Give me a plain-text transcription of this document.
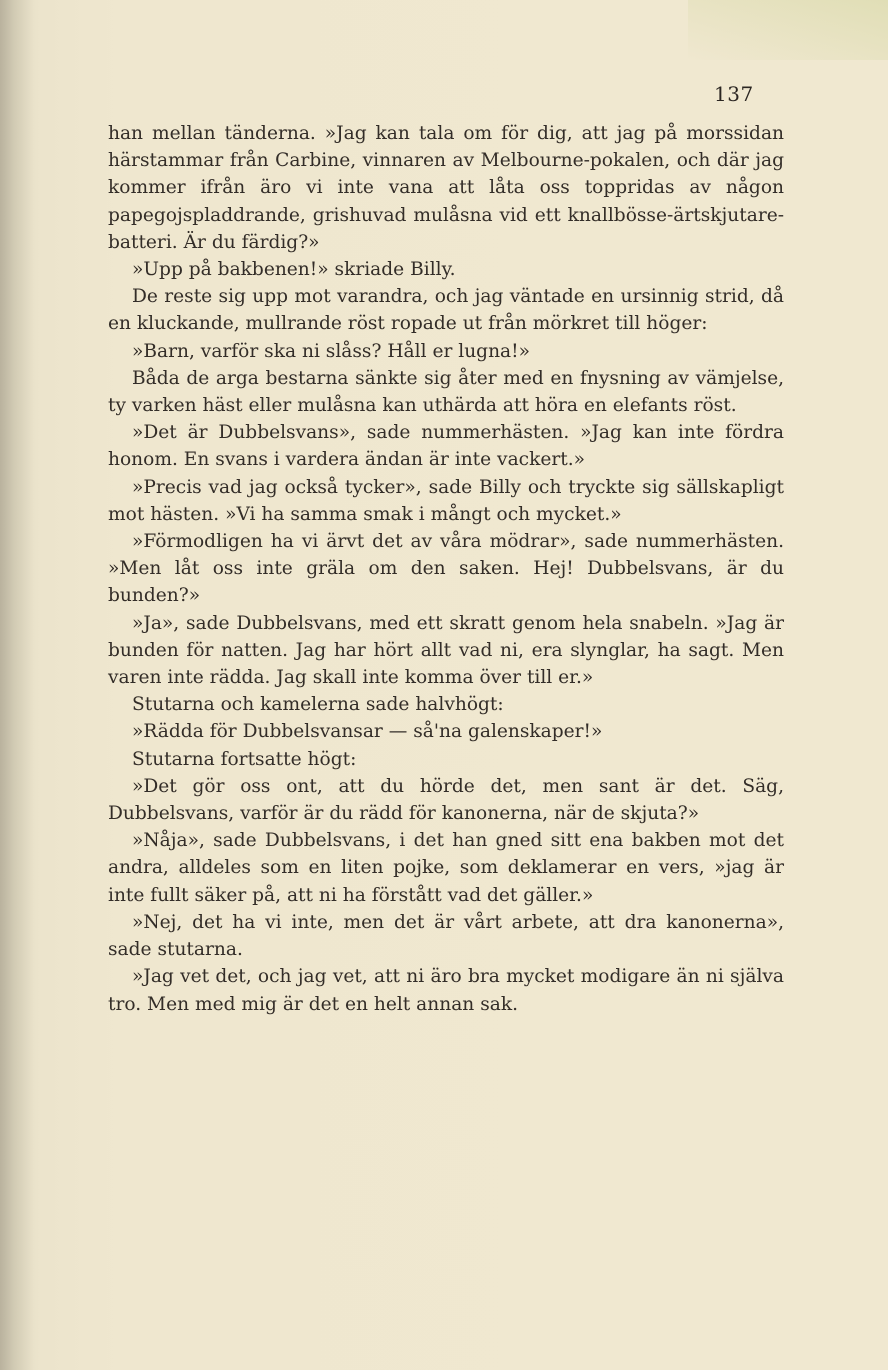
137

han mellan tänderna. »Jag kan tala om för dig, att jag på morssidan härstammar från Carbine, vinnaren av Melbourne-pokalen, och där jag kommer ifrån äro vi inte vana att låta oss toppridas av någon papegojspladdrande, grishuvad mulåsna vid ett knallbösse-ärtskjutare-batteri. Är du färdig?»

»Upp på bakbenen!» skriade Billy.

De reste sig upp mot varandra, och jag väntade en ursinnig strid, då en kluckande, mullrande röst ropade ut från mörkret till höger:

»Barn, varför ska ni slåss? Håll er lugna!»

Båda de arga bestarna sänkte sig åter med en fnysning av vämjelse, ty varken häst eller mulåsna kan uthärda att höra en elefants röst.

»Det är Dubbelsvans», sade nummerhästen. »Jag kan inte fördra honom. En svans i vardera ändan är inte vackert.»

»Precis vad jag också tycker», sade Billy och tryckte sig sällskapligt mot hästen. »Vi ha samma smak i mångt och mycket.»

»Förmodligen ha vi ärvt det av våra mödrar», sade nummerhästen. »Men låt oss inte gräla om den saken. Hej! Dubbelsvans, är du bunden?»

»Ja», sade Dubbelsvans, med ett skratt genom hela snabeln. »Jag är bunden för natten. Jag har hört allt vad ni, era slynglar, ha sagt. Men varen inte rädda. Jag skall inte komma över till er.»

Stutarna och kamelerna sade halvhögt:

»Rädda för Dubbelsvansar — så'na galenskaper!»

Stutarna fortsatte högt:

»Det gör oss ont, att du hörde det, men sant är det. Säg, Dubbelsvans, varför är du rädd för kanonerna, när de skjuta?»

»Nåja», sade Dubbelsvans, i det han gned sitt ena bakben mot det andra, alldeles som en liten pojke, som deklamerar en vers, »jag är inte fullt säker på, att ni ha förstått vad det gäller.»

»Nej, det ha vi inte, men det är vårt arbete, att dra kanonerna», sade stutarna.

»Jag vet det, och jag vet, att ni äro bra mycket modigare än ni själva tro. Men med mig är det en helt annan sak.
